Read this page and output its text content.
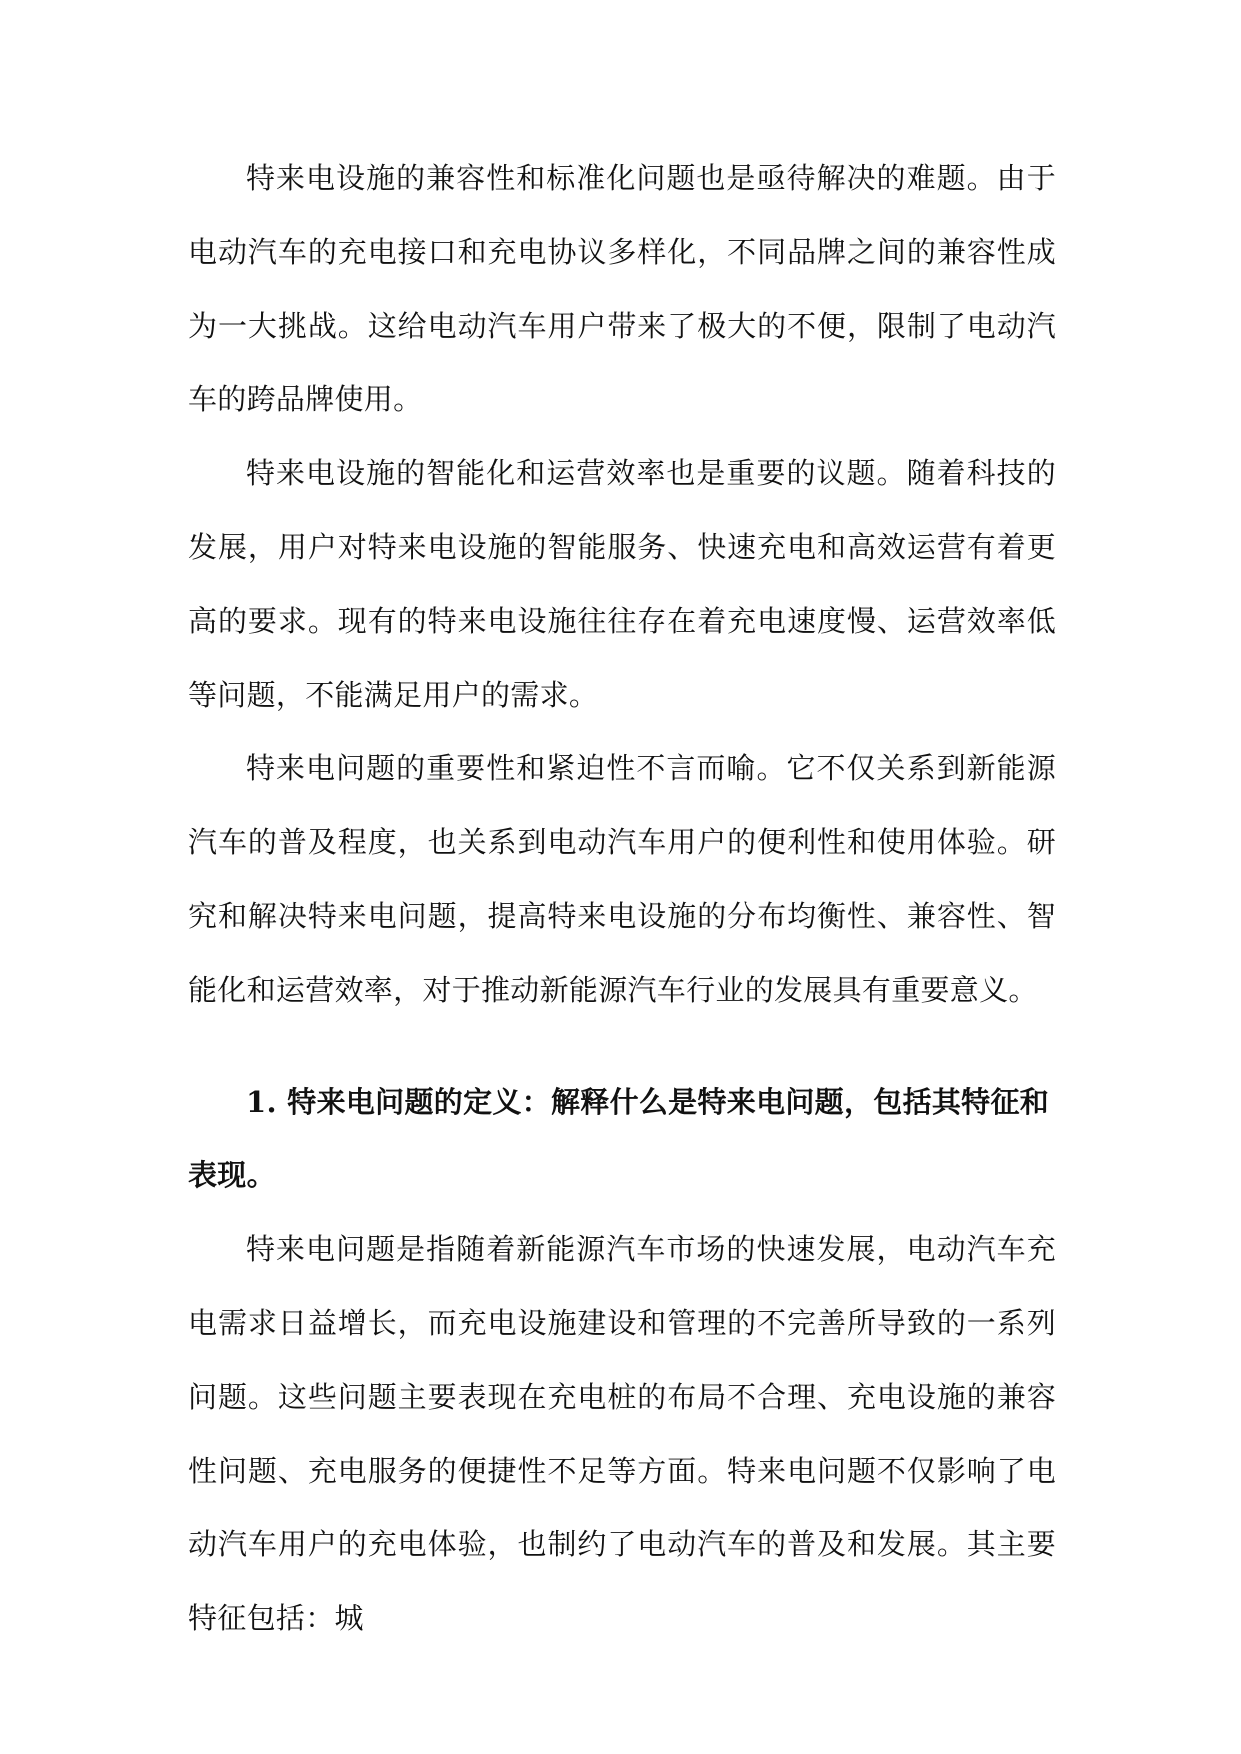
特来电设施的兼容性和标准化问题也是亟待解决的难题。由于电动汽车的充电接口和充电协议多样化，不同品牌之间的兼容性成为一大挑战。这给电动汽车用户带来了极大的不便，限制了电动汽车的跨品牌使用。

特来电设施的智能化和运营效率也是重要的议题。随着科技的发展，用户对特来电设施的智能服务、快速充电和高效运营有着更高的要求。现有的特来电设施往往存在着充电速度慢、运营效率低等问题，不能满足用户的需求。

特来电问题的重要性和紧迫性不言而喻。它不仅关系到新能源汽车的普及程度，也关系到电动汽车用户的便利性和使用体验。研究和解决特来电问题，提高特来电设施的分布均衡性、兼容性、智能化和运营效率，对于推动新能源汽车行业的发展具有重要意义。

1. 特来电问题的定义：解释什么是特来电问题，包括其特征和表现。

特来电问题是指随着新能源汽车市场的快速发展，电动汽车充电需求日益增长，而充电设施建设和管理的不完善所导致的一系列问题。这些问题主要表现在充电桩的布局不合理、充电设施的兼容性问题、充电服务的便捷性不足等方面。特来电问题不仅影响了电动汽车用户的充电体验，也制约了电动汽车的普及和发展。其主要特征包括：城
